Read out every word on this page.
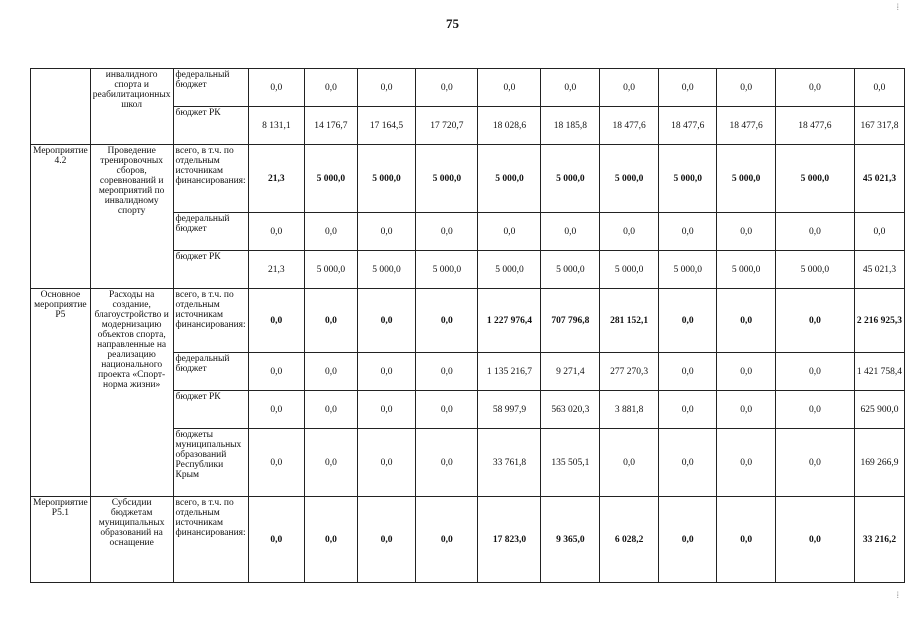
75
⁞
⁞
	инвалидного спорта и реабилитационных школ	федеральный бюджет	0,0	0,0	0,0	0,0	0,0	0,0	0,0	0,0	0,0	0,0	0,0
		бюджет РК	8 131,1	14 176,7	17 164,5	17 720,7	18 028,6	18 185,8	18 477,6	18 477,6	18 477,6	18 477,6	167 317,8
Мероприятие 4.2	Проведение тренировочных сборов, соревнований и мероприятий по инвалидному спорту	всего, в т.ч. по отдельным источникам финансирования:	21,3	5 000,0	5 000,0	5 000,0	5 000,0	5 000,0	5 000,0	5 000,0	5 000,0	5 000,0	45 021,3
		федеральный бюджет	0,0	0,0	0,0	0,0	0,0	0,0	0,0	0,0	0,0	0,0	0,0
		бюджет РК	21,3	5 000,0	5 000,0	5 000,0	5 000,0	5 000,0	5 000,0	5 000,0	5 000,0	5 000,0	45 021,3
Основное мероприятие Р5	Расходы на создание, благоустройство и модернизацию объектов спорта, направленные на реализацию национального проекта «Спорт-норма жизни»	всего, в т.ч. по отдельным источникам финансирования:	0,0	0,0	0,0	0,0	1 227 976,4	707 796,8	281 152,1	0,0	0,0	0,0	2 216 925,3
		федеральный бюджет	0,0	0,0	0,0	0,0	1 135 216,7	9 271,4	277 270,3	0,0	0,0	0,0	1 421 758,4
		бюджет РК	0,0	0,0	0,0	0,0	58 997,9	563 020,3	3 881,8	0,0	0,0	0,0	625 900,0
		бюджеты муниципальных образований Республики Крым	0,0	0,0	0,0	0,0	33 761,8	135 505,1	0,0	0,0	0,0	0,0	169 266,9
Мероприятие Р5.1	Субсидии бюджетам муниципальных образований на оснащение	всего, в т.ч. по отдельным источникам финансирования:	0,0	0,0	0,0	0,0	17 823,0	9 365,0	6 028,2	0,0	0,0	0,0	33 216,2
